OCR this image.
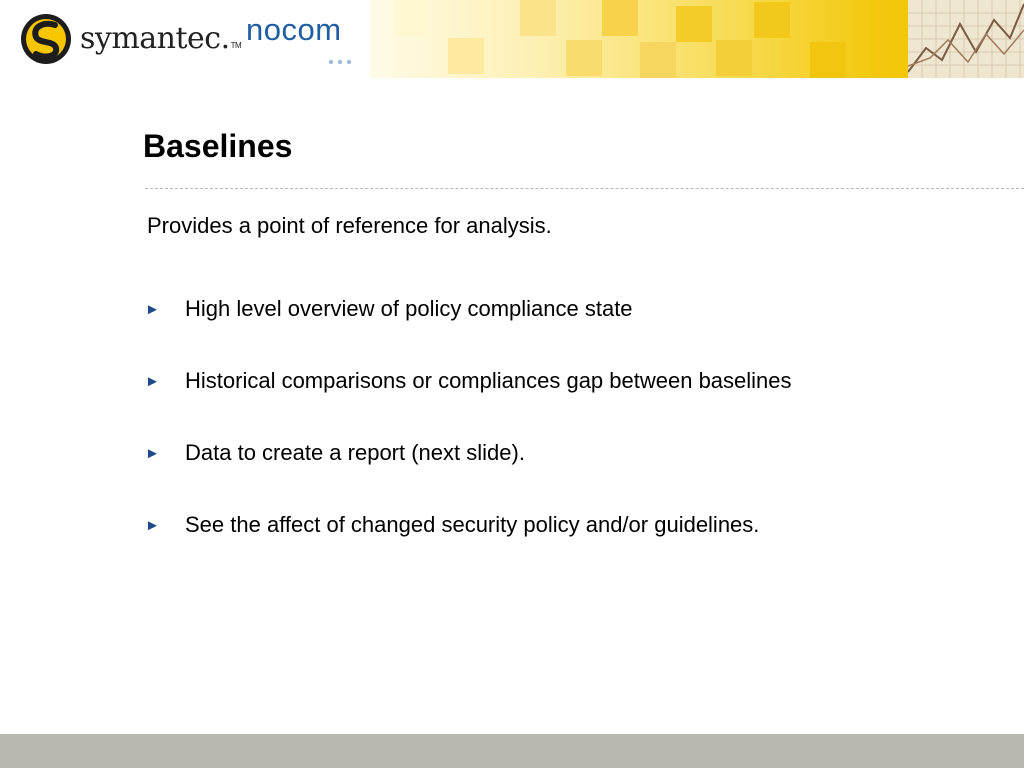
symantec.TM nocom
Baselines

Provides a point of reference for analysis.

► High level overview of policy compliance state
► Historical comparisons or compliances gap between baselines
► Data to create a report (next slide).
► See the affect of changed security policy and/or guidelines.
